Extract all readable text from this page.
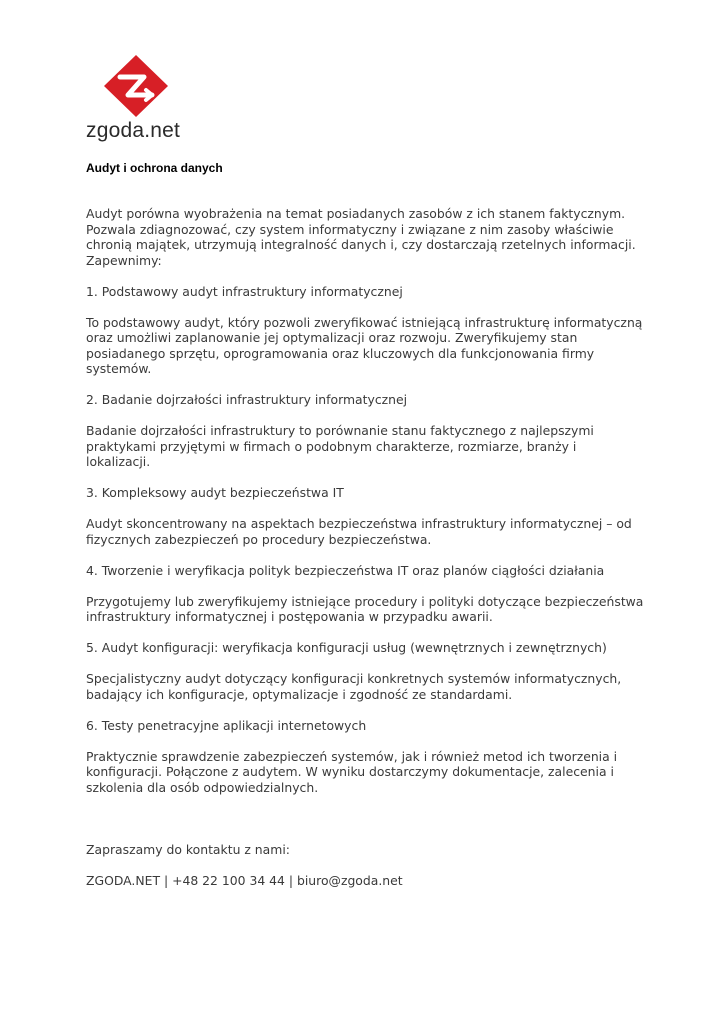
zgoda.net
Audyt i ochrona danych

Audyt porówna wyobrażenia na temat posiadanych zasobów z ich stanem faktycznym.
Pozwala zdiagnozować, czy system informatyczny i związane z nim zasoby właściwie
chronią majątek, utrzymują integralność danych i, czy dostarczają rzetelnych informacji.
Zapewnimy:

1. Podstawowy audyt infrastruktury informatycznej

To podstawowy audyt, który pozwoli zweryfikować istniejącą infrastrukturę informatyczną
oraz umożliwi zaplanowanie jej optymalizacji oraz rozwoju. Zweryfikujemy stan
posiadanego sprzętu, oprogramowania oraz kluczowych dla funkcjonowania firmy
systemów.

2. Badanie dojrzałości infrastruktury informatycznej

Badanie dojrzałości infrastruktury to porównanie stanu faktycznego z najlepszymi
praktykami przyjętymi w firmach o podobnym charakterze, rozmiarze, branży i
lokalizacji.

3. Kompleksowy audyt bezpieczeństwa IT

Audyt skoncentrowany na aspektach bezpieczeństwa infrastruktury informatycznej – od
fizycznych zabezpieczeń po procedury bezpieczeństwa.

4. Tworzenie i weryfikacja polityk bezpieczeństwa IT oraz planów ciągłości działania

Przygotujemy lub zweryfikujemy istniejące procedury i polityki dotyczące bezpieczeństwa
infrastruktury informatycznej i postępowania w przypadku awarii.

5. Audyt konfiguracji: weryfikacja konfiguracji usług (wewnętrznych i zewnętrznych)

Specjalistyczny audyt dotyczący konfiguracji konkretnych systemów informatycznych,
badający ich konfiguracje, optymalizacje i zgodność ze standardami.

6. Testy penetracyjne aplikacji internetowych

Praktycznie sprawdzenie zabezpieczeń systemów, jak i również metod ich tworzenia i
konfiguracji. Połączone z audytem. W wyniku dostarczymy dokumentacje, zalecenia i
szkolenia dla osób odpowiedzialnych.

Zapraszamy do kontaktu z nami:

ZGODA.NET | +48 22 100 34 44 | biuro@zgoda.net
